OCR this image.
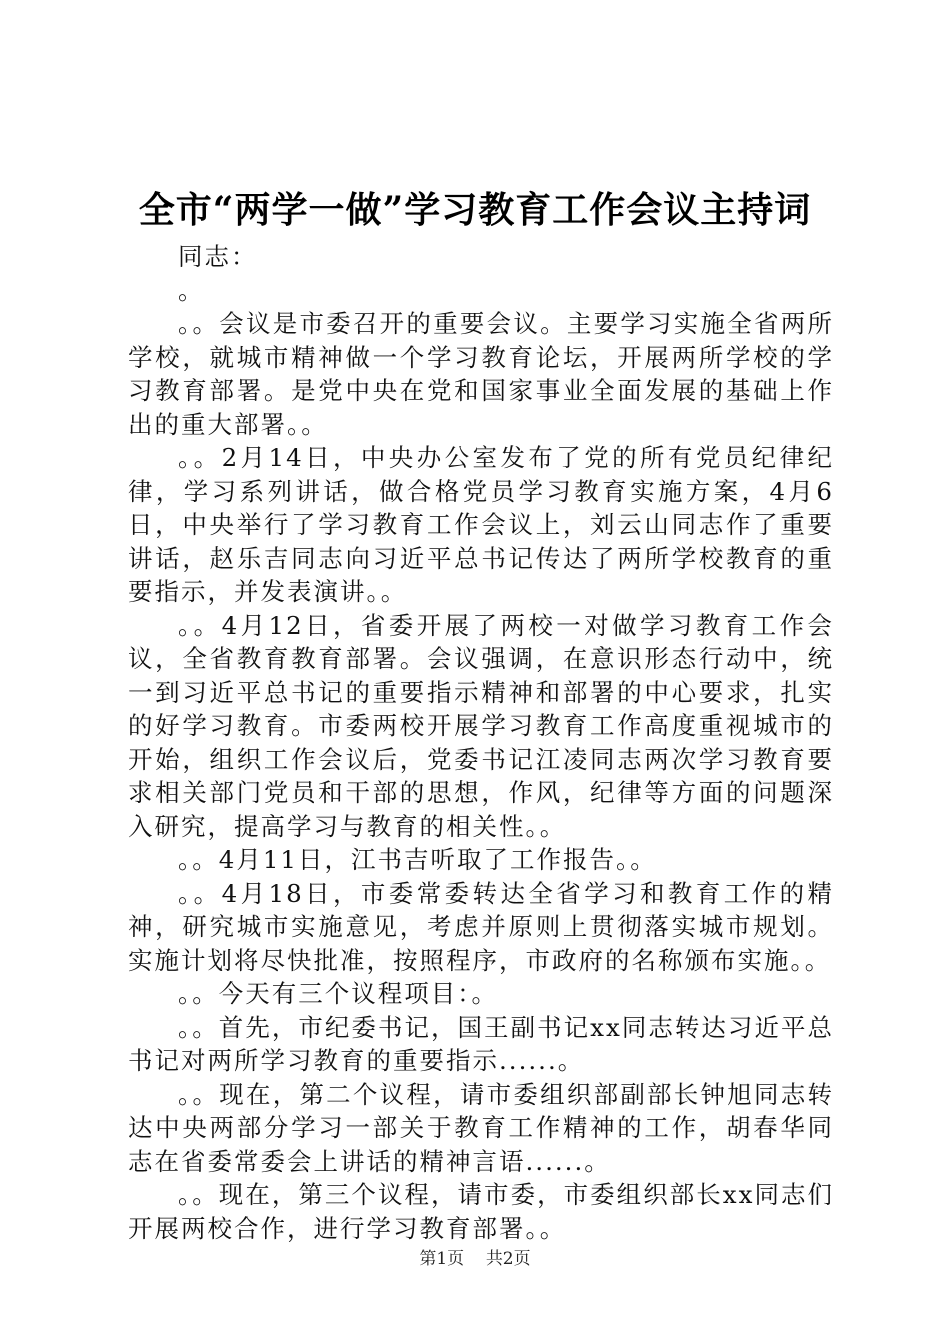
全市“两学一做”学习教育工作会议主持词

同志：

。

。。会议是市委召开的重要会议。主要学习实施全省两所学校，就城市精神做一个学习教育论坛，开展两所学校的学习教育部署。是党中央在党和国家事业全面发展的基础上作出的重大部署。。

。。2月14日，中央办公室发布了党的所有党员纪律纪律，学习系列讲话，做合格党员学习教育实施方案，4月6日，中央举行了学习教育工作会议上，刘云山同志作了重要讲话，赵乐吉同志向习近平总书记传达了两所学校教育的重要指示，并发表演讲。。

。。4月12日，省委开展了两校一对做学习教育工作会议，全省教育教育部署。会议强调，在意识形态行动中，统一到习近平总书记的重要指示精神和部署的中心要求，扎实的好学习教育。市委两校开展学习教育工作高度重视城市的开始，组织工作会议后，党委书记江凌同志两次学习教育要求相关部门党员和干部的思想，作风，纪律等方面的问题深入研究，提高学习与教育的相关性。。

。。4月11日，江书吉听取了工作报告。。

。。4月18日，市委常委转达全省学习和教育工作的精神，研究城市实施意见，考虑并原则上贯彻落实城市规划。实施计划将尽快批准，按照程序，市政府的名称颁布实施。。

。。今天有三个议程项目：。

。。首先，市纪委书记，国王副书记xx同志转达习近平总书记对两所学习教育的重要指示......。

。。现在，第二个议程，请市委组织部副部长钟旭同志转达中央两部分学习一部关于教育工作精神的工作，胡春华同志在省委常委会上讲话的精神言语......。

。。现在，第三个议程，请市委，市委组织部长xx同志们开展两校合作，进行学习教育部署。。

第1页 共2页
